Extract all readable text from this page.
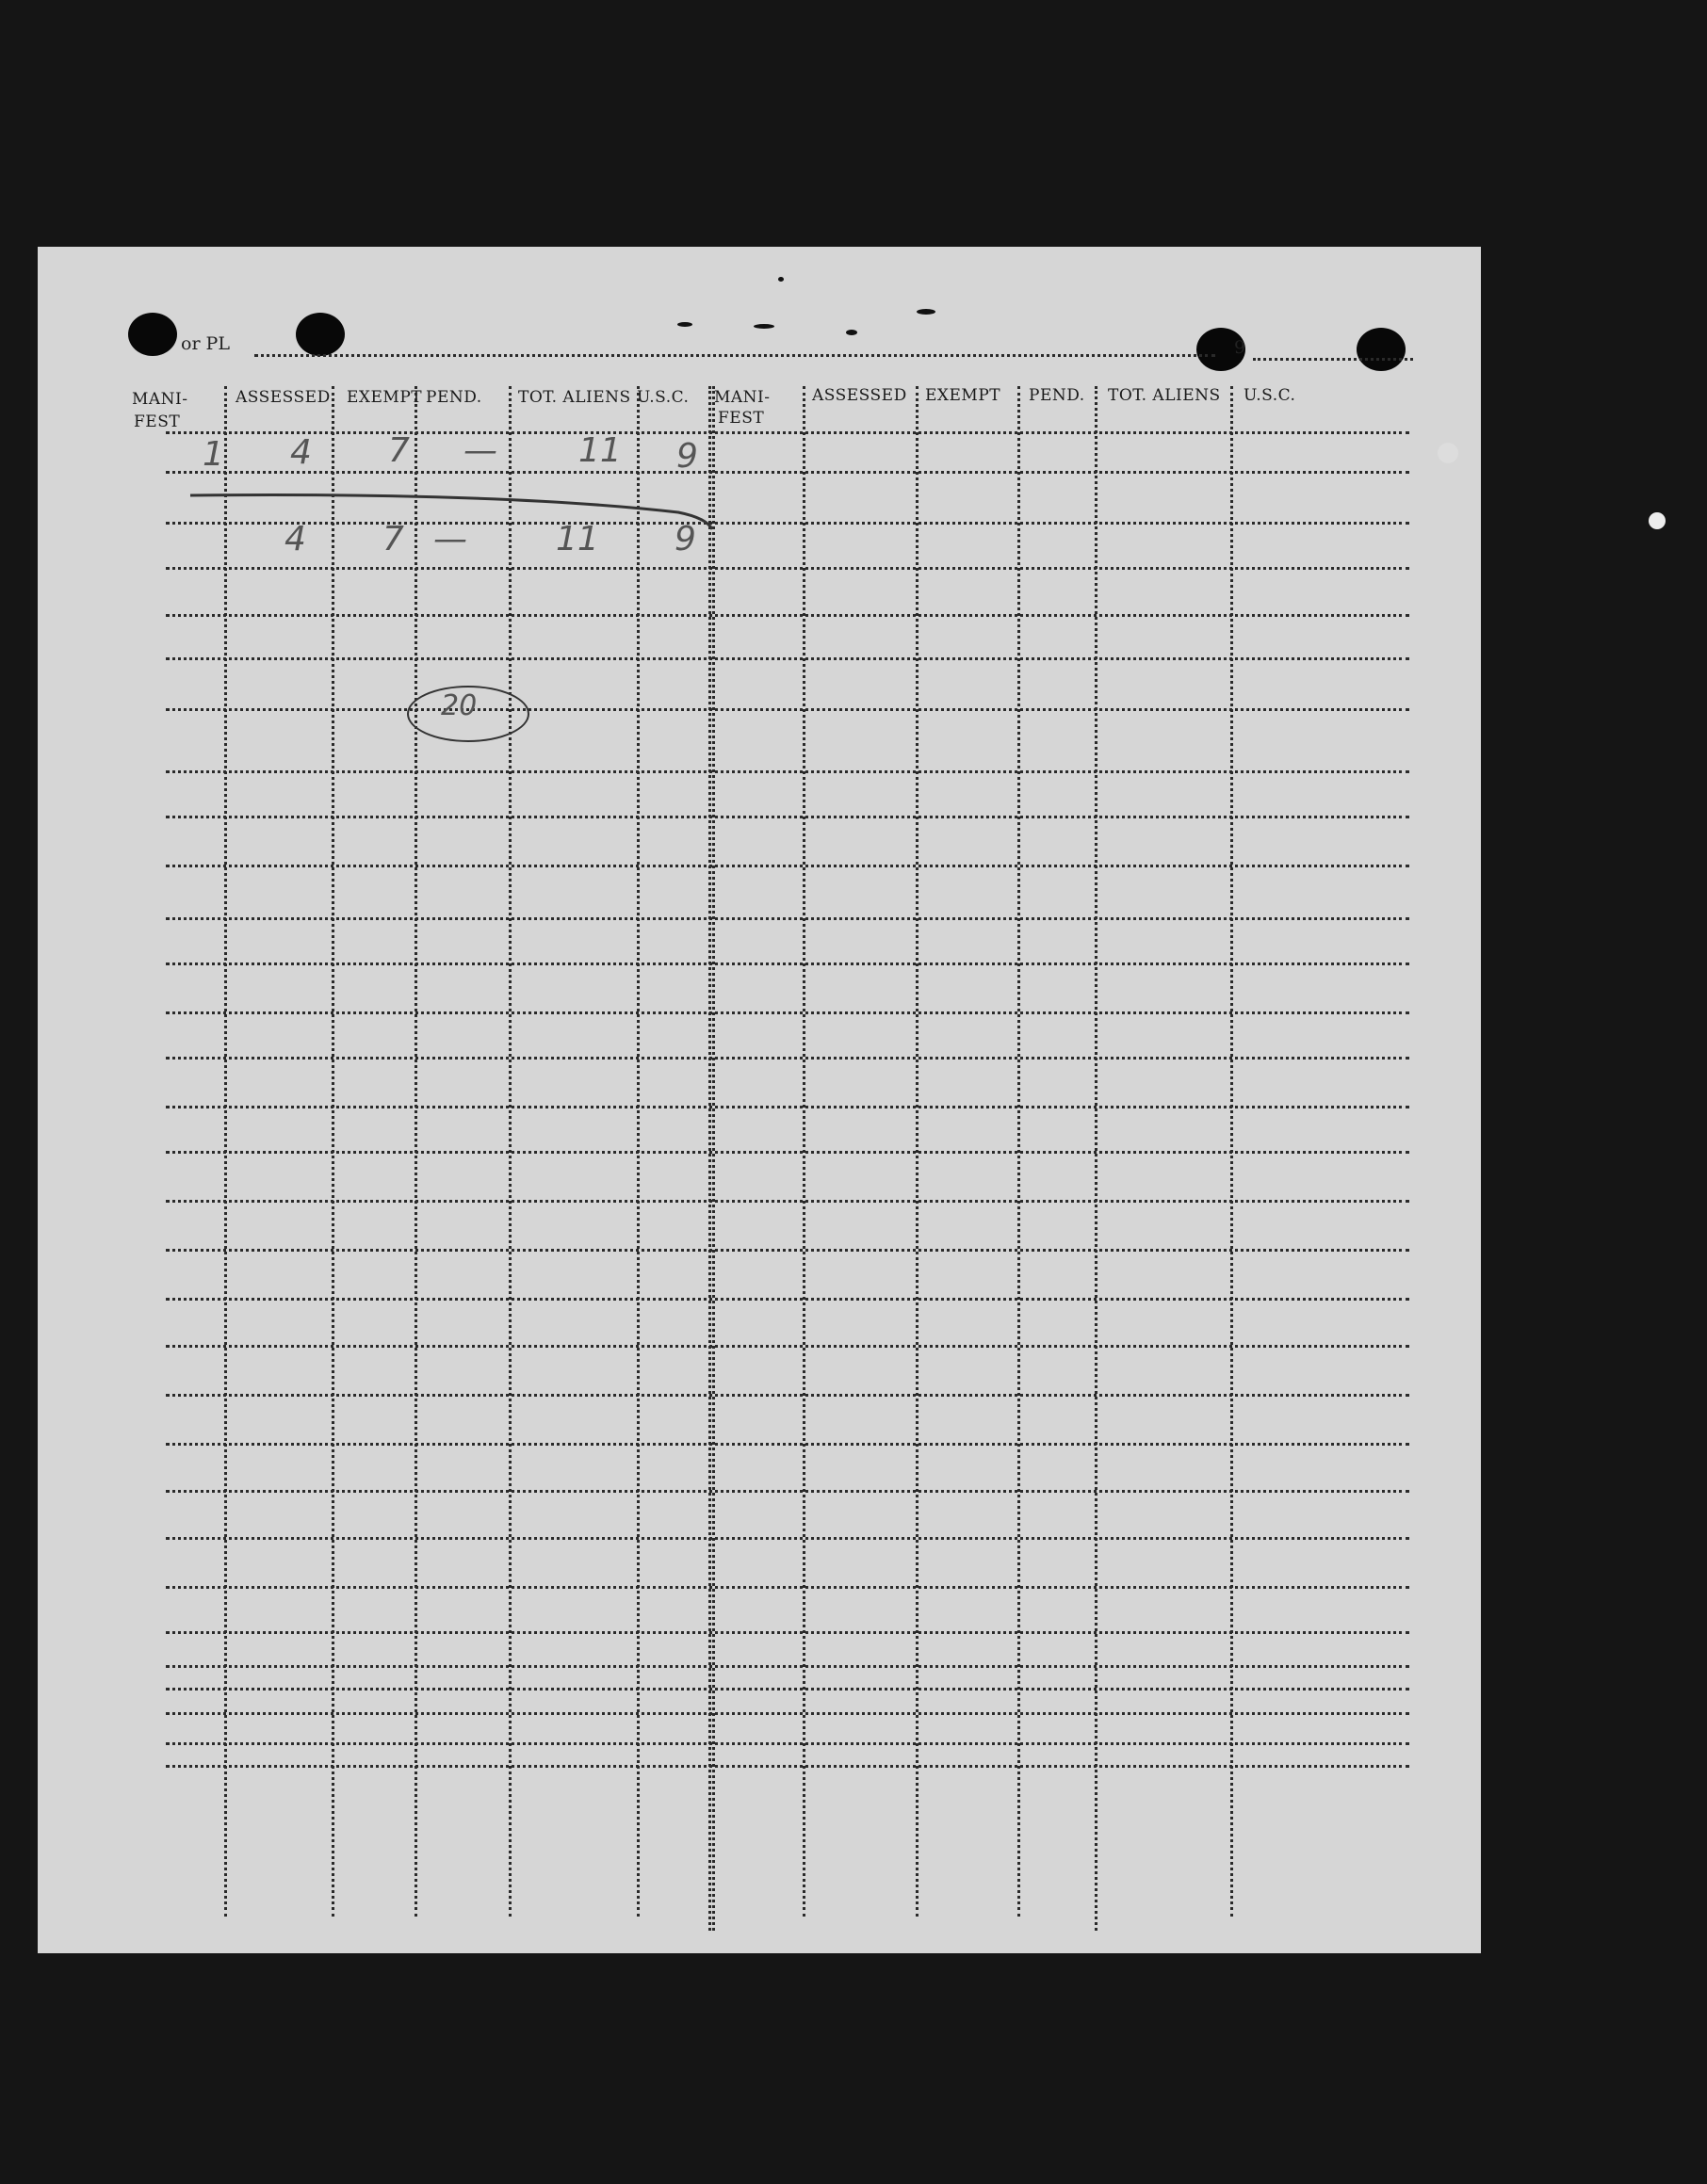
or PL	9
MANI-
FEST
ASSESSED EXEMPT PEND. TOT. ALIENS U.S.C. MANI-
FEST
ASSESSED EXEMPT PEND. TOT. ALIENS U.S.C.
1 4 7 — 11 9
4 7 —	11 9
20
